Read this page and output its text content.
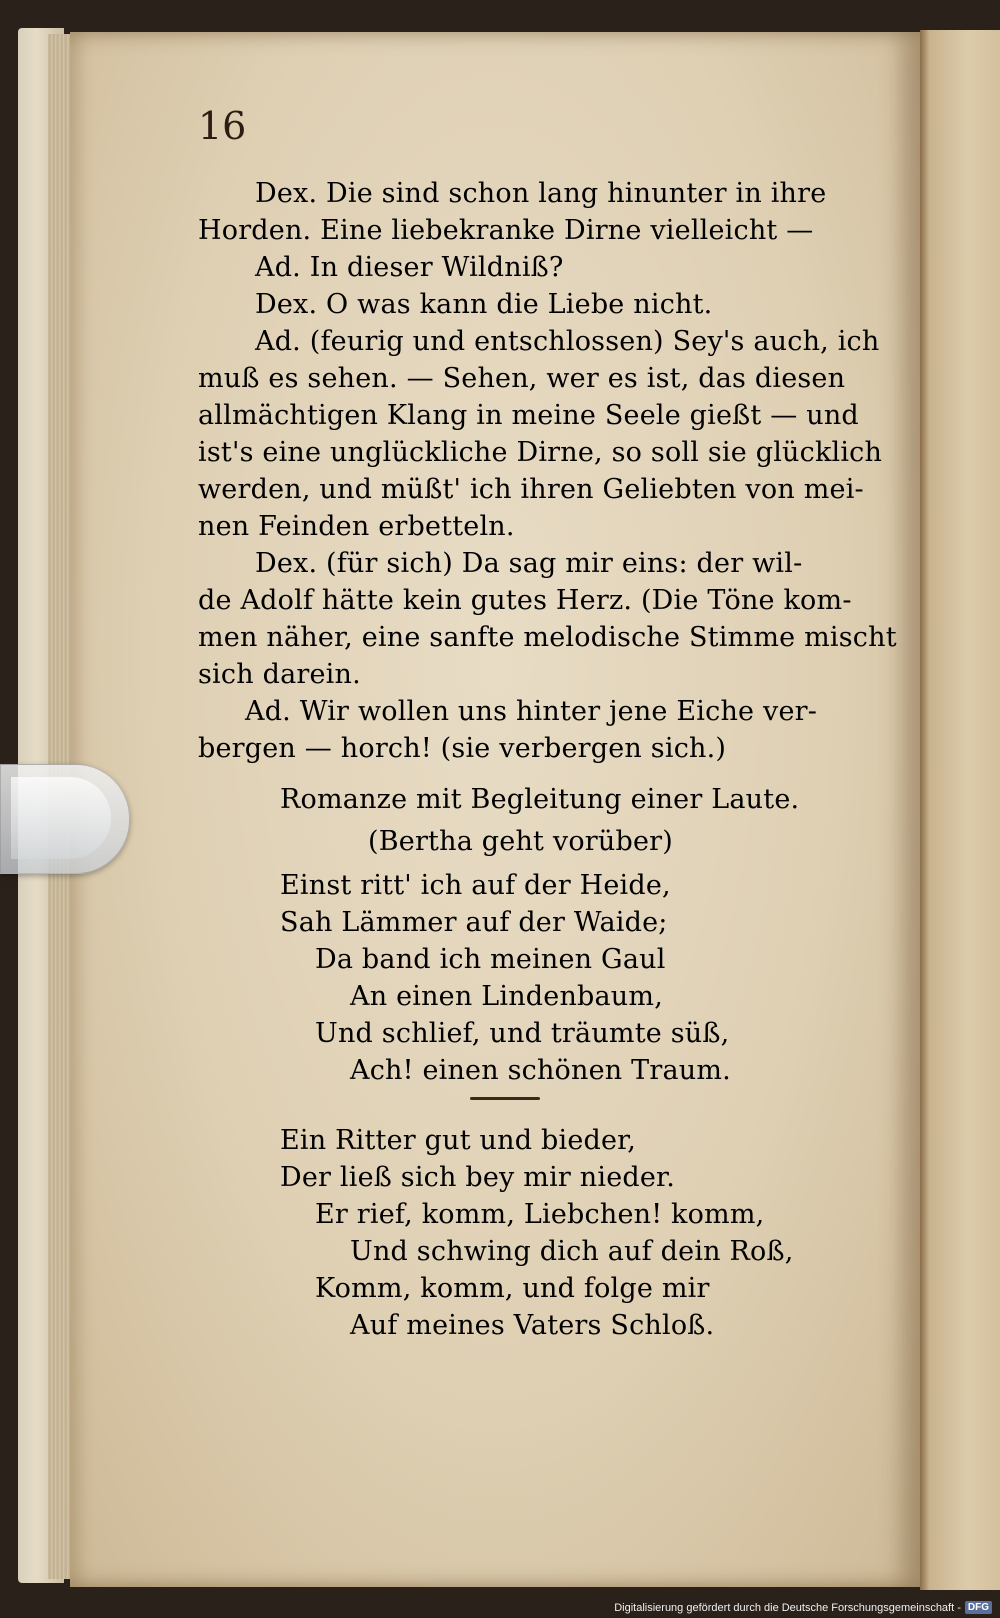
16
Dex. Die sind schon lang hinunter in ihre
Horden. Eine liebekranke Dirne vielleicht —
Ad. In dieser Wildniß?
Dex. O was kann die Liebe nicht.
Ad. (feurig und entschlossen) Sey's auch, ich
muß es sehen. — Sehen, wer es ist, das diesen
allmächtigen Klang in meine Seele gießt — und
ist's eine unglückliche Dirne, so soll sie glücklich
werden, und müßt' ich ihren Geliebten von mei-
nen Feinden erbetteln.
Dex. (für sich) Da sag mir eins: der wil-
de Adolf hätte kein gutes Herz. (Die Töne kom-
men näher, eine sanfte melodische Stimme mischt
sich darein.
Ad. Wir wollen uns hinter jene Eiche ver-
bergen — horch! (sie verbergen sich.)
Romanze mit Begleitung einer Laute.
(Bertha geht vorüber)
Einst ritt' ich auf der Heide,
Sah Lämmer auf der Waide;
Da band ich meinen Gaul
An einen Lindenbaum,
Und schlief, und träumte süß,
Ach! einen schönen Traum.
Ein Ritter gut und bieder,
Der ließ sich bey mir nieder.
Er rief, komm, Liebchen! komm,
Und schwing dich auf dein Roß,
Komm, komm, und folge mir
Auf meines Vaters Schloß.
Digitalisierung gefördert durch die Deutsche Forschungsgemeinschaft - DFG
